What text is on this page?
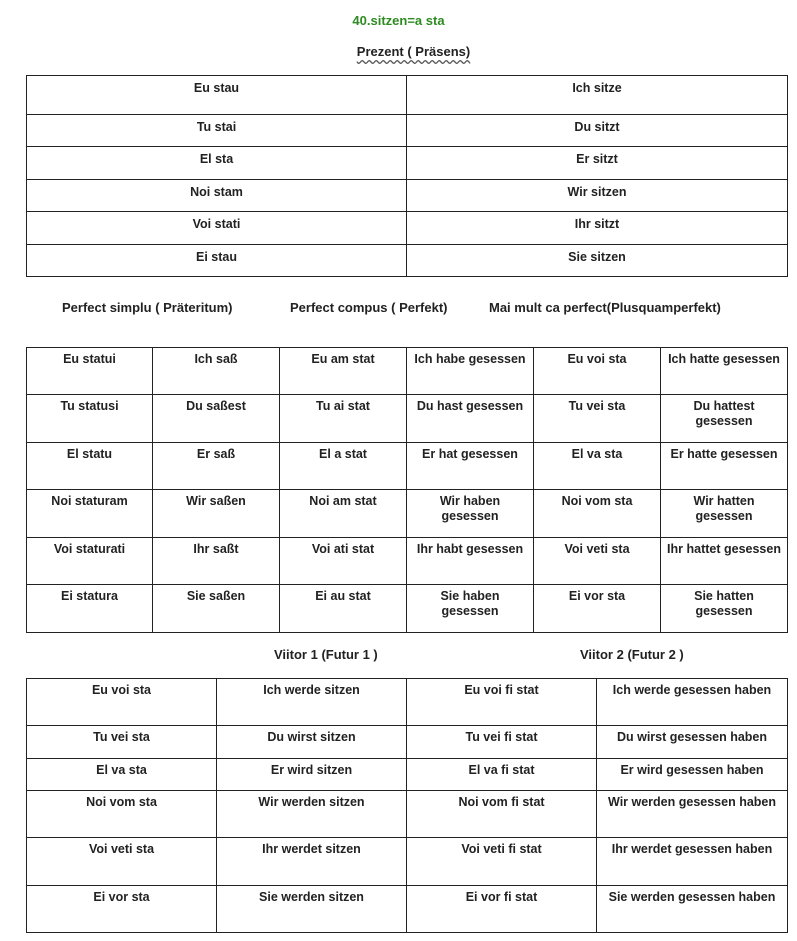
40.sitzen=a sta
Prezent ( Präsens)
Eu stau	Ich sitze
Tu stai	Du sitzt
El sta	Er sitzt
Noi stam	Wir sitzen
Voi stati	Ihr sitzt
Ei stau	Sie sitzen
Perfect simplu ( Präteritum)	Perfect compus ( Perfekt)	Mai mult ca perfect(Plusquamperfekt)
Eu statui	Ich saß	Eu am stat	Ich habe gesessen	Eu voi sta	Ich hatte gesessen
Tu statusi	Du saßest	Tu ai stat	Du hast gesessen	Tu vei sta	Du hattest gesessen
El statu	Er saß	El a stat	Er hat gesessen	El va sta	Er hatte gesessen
Noi staturam	Wir saßen	Noi am stat	Wir haben gesessen	Noi vom sta	Wir hatten gesessen
Voi staturati	Ihr saßt	Voi ati stat	Ihr habt gesessen	Voi veti sta	Ihr hattet gesessen
Ei statura	Sie saßen	Ei au stat	Sie haben gesessen	Ei vor sta	Sie hatten gesessen
Viitor 1 (Futur 1 )	Viitor 2 (Futur 2 )
Eu voi sta	Ich werde sitzen	Eu voi fi stat	Ich werde gesessen haben
Tu vei sta	Du wirst sitzen	Tu vei fi stat	Du wirst gesessen haben
El va sta	Er wird sitzen	El va fi stat	Er wird gesessen haben
Noi vom sta	Wir werden sitzen	Noi vom fi stat	Wir werden gesessen haben
Voi veti sta	Ihr werdet sitzen	Voi veti fi stat	Ihr werdet gesessen haben
Ei vor sta	Sie werden sitzen	Ei vor fi stat	Sie werden gesessen haben
